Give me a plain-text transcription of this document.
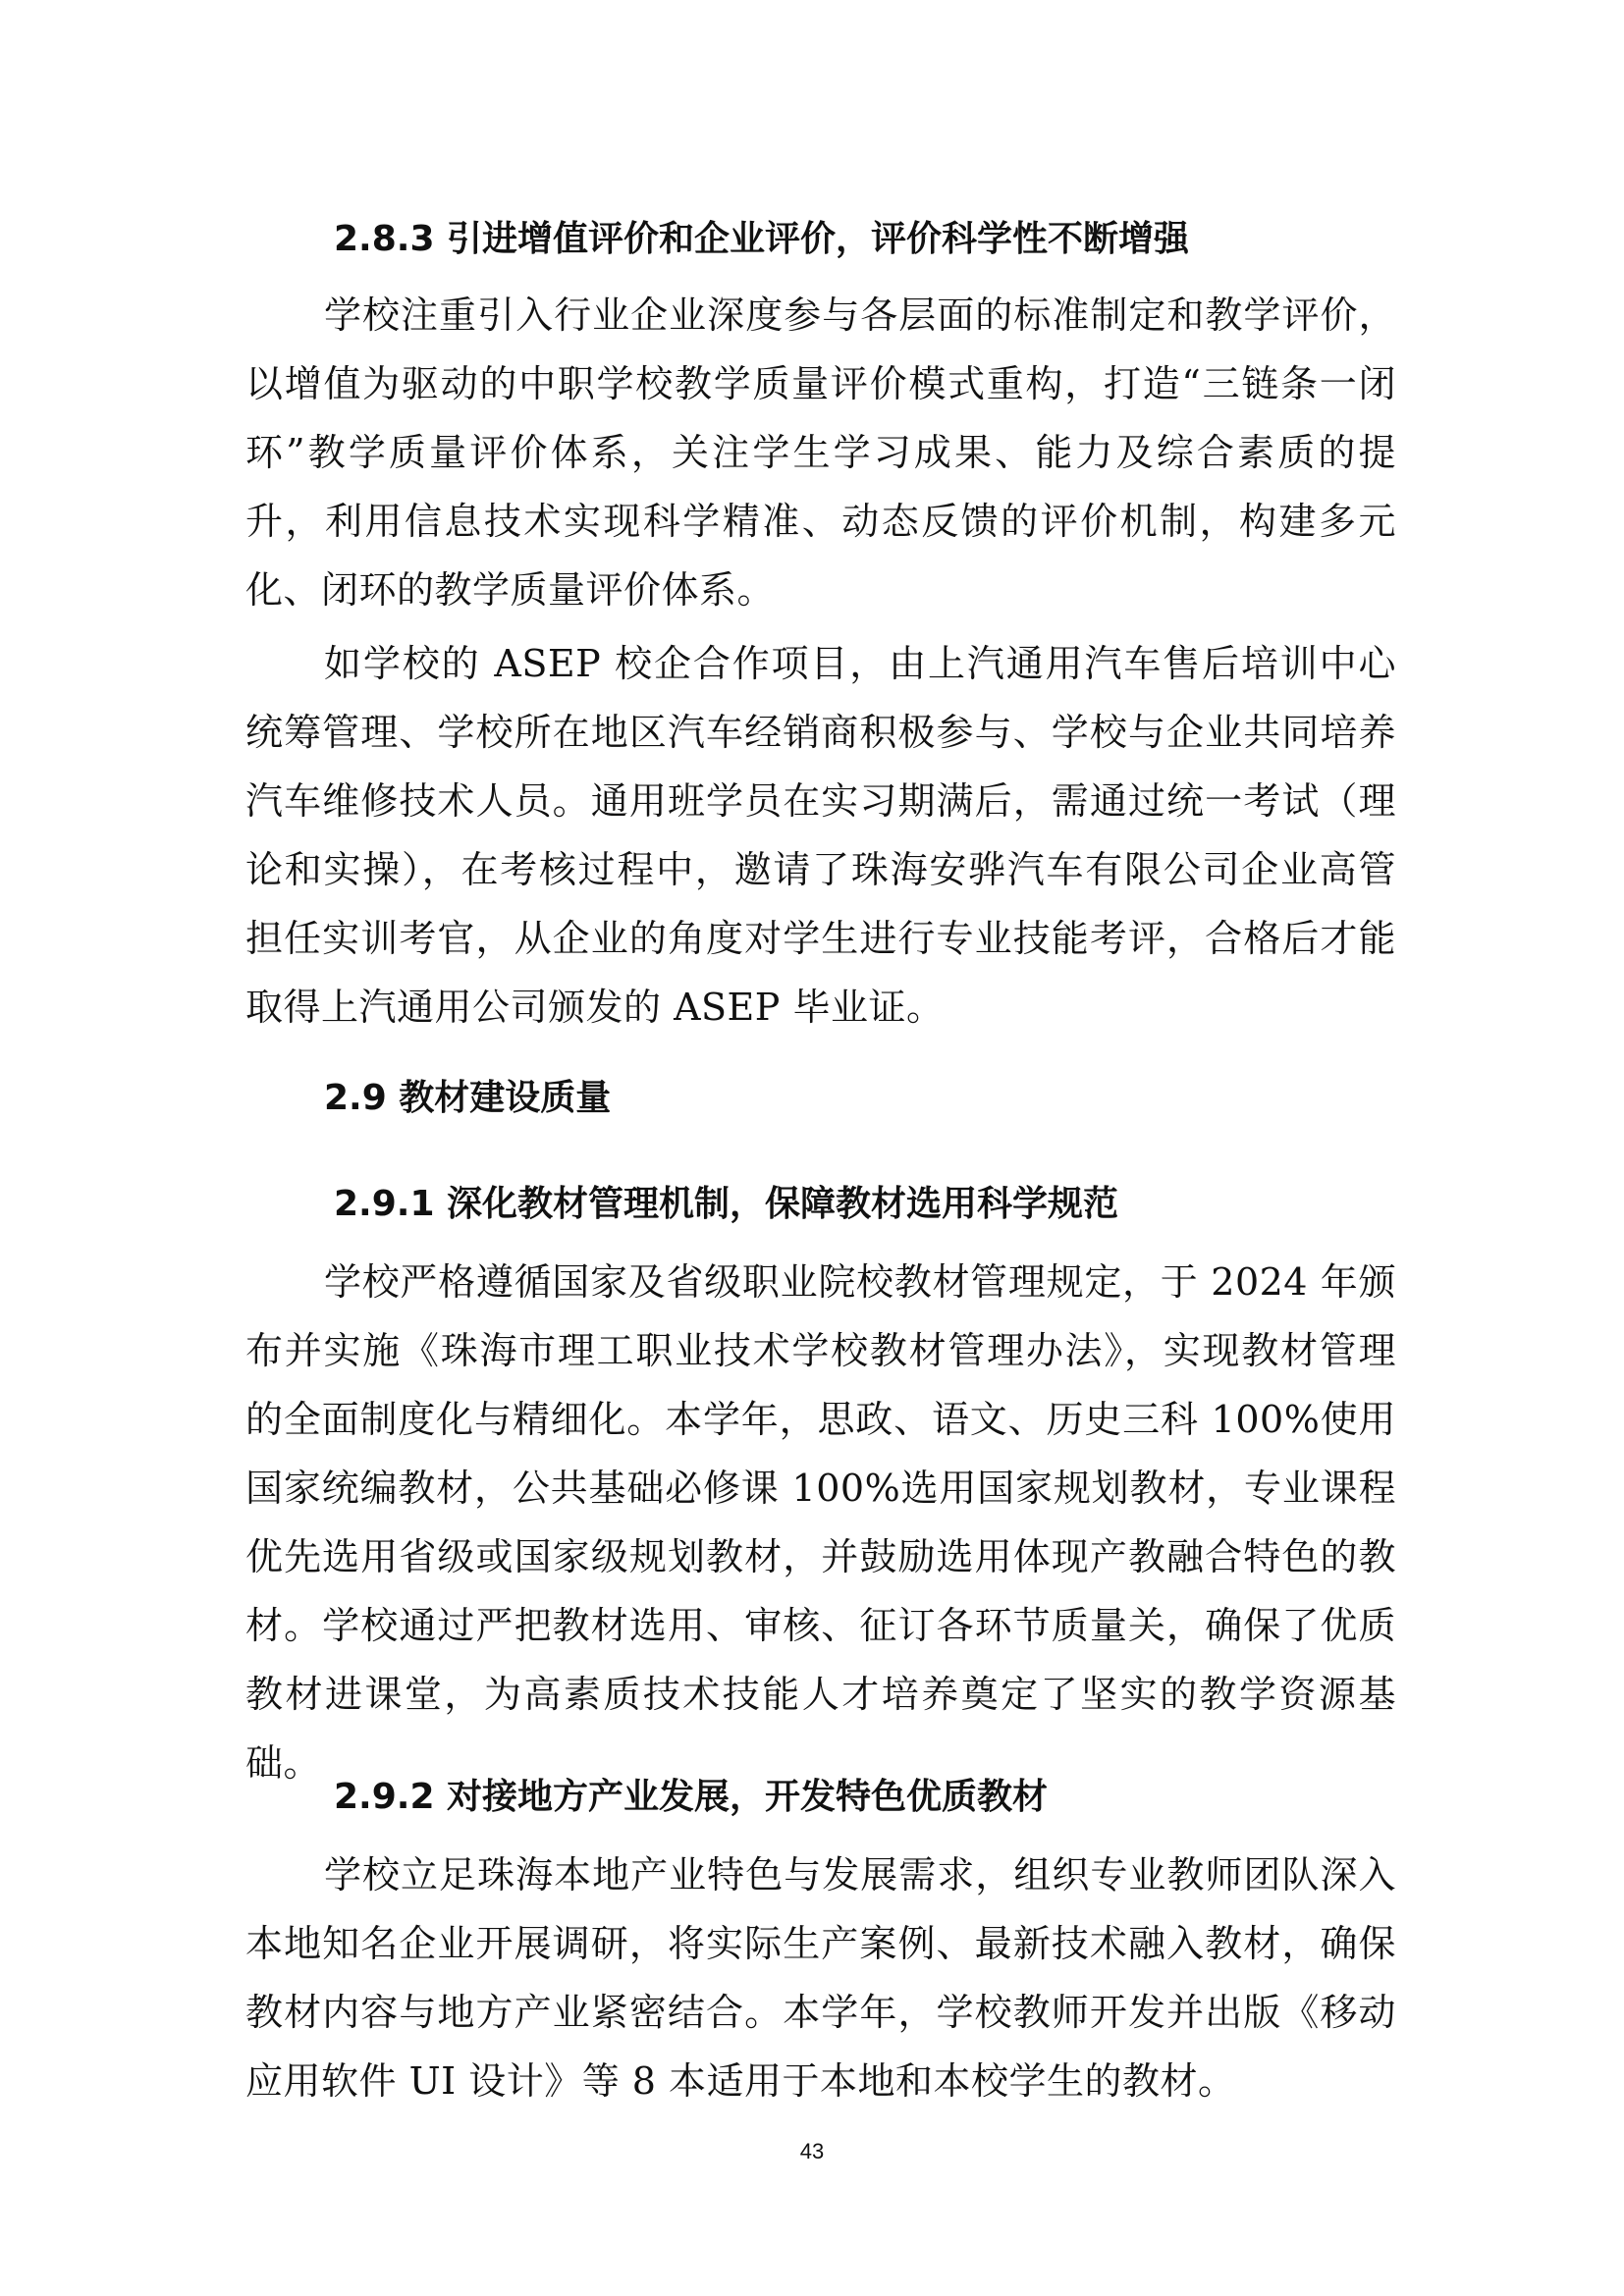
2.8.3 引进增值评价和企业评价，评价科学性不断增强

学校注重引入行业企业深度参与各层面的标准制定和教学评价，以增值为驱动的中职学校教学质量评价模式重构，打造“三链条一闭环”教学质量评价体系，关注学生学习成果、能力及综合素质的提升，利用信息技术实现科学精准、动态反馈的评价机制，构建多元化、闭环的教学质量评价体系。

如学校的 ASEP 校企合作项目，由上汽通用汽车售后培训中心统筹管理、学校所在地区汽车经销商积极参与、学校与企业共同培养汽车维修技术人员。通用班学员在实习期满后，需通过统一考试（理论和实操），在考核过程中，邀请了珠海安骅汽车有限公司企业高管担任实训考官，从企业的角度对学生进行专业技能考评，合格后才能取得上汽通用公司颁发的 ASEP 毕业证。

2.9 教材建设质量
2.9.1 深化教材管理机制，保障教材选用科学规范

学校严格遵循国家及省级职业院校教材管理规定，于 2024 年颁布并实施《珠海市理工职业技术学校教材管理办法》，实现教材管理的全面制度化与精细化。本学年，思政、语文、历史三科 100%使用国家统编教材，公共基础必修课 100%选用国家规划教材，专业课程优先选用省级或国家级规划教材，并鼓励选用体现产教融合特色的教材。学校通过严把教材选用、审核、征订各环节质量关，确保了优质教材进课堂，为高素质技术技能人才培养奠定了坚实的教学资源基础。

2.9.2 对接地方产业发展，开发特色优质教材

学校立足珠海本地产业特色与发展需求，组织专业教师团队深入本地知名企业开展调研，将实际生产案例、最新技术融入教材，确保教材内容与地方产业紧密结合。本学年，学校教师开发并出版《移动应用软件 UI 设计》等 8 本适用于本地和本校学生的教材。

43
